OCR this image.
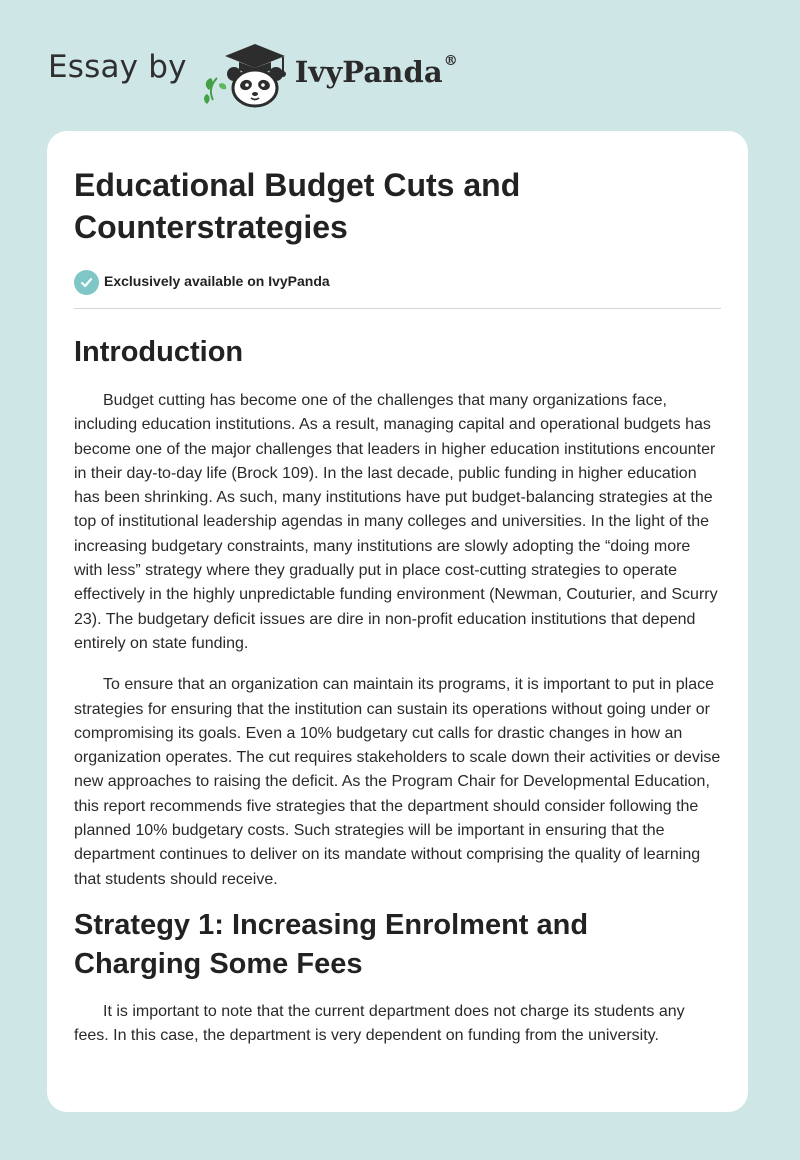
Essay by	IvyPanda®
Educational Budget Cuts and Counterstrategies
Exclusively available on IvyPanda
Introduction

Budget cutting has become one of the challenges that many organizations face, including education institutions. As a result, managing capital and operational budgets has become one of the major challenges that leaders in higher education institutions encounter in their day-to-day life (Brock 109). In the last decade, public funding in higher education has been shrinking. As such, many institutions have put budget-balancing strategies at the top of institutional leadership agendas in many colleges and universities. In the light of the increasing budgetary constraints, many institutions are slowly adopting the “doing more with less” strategy where they gradually put in place cost-cutting strategies to operate effectively in the highly unpredictable funding environment (Newman, Couturier, and Scurry 23). The budgetary deficit issues are dire in non-profit education institutions that depend entirely on state funding.

To ensure that an organization can maintain its programs, it is important to put in place strategies for ensuring that the institution can sustain its operations without going under or compromising its goals. Even a 10% budgetary cut calls for drastic changes in how an organization operates. The cut requires stakeholders to scale down their activities or devise new approaches to raising the deficit. As the Program Chair for Developmental Education, this report recommends five strategies that the department should consider following the planned 10% budgetary costs. Such strategies will be important in ensuring that the department continues to deliver on its mandate without comprising the quality of learning that students should receive.

Strategy 1: Increasing Enrolment and Charging Some Fees

It is important to note that the current department does not charge its students any fees. In this case, the department is very dependent on funding from the university.
